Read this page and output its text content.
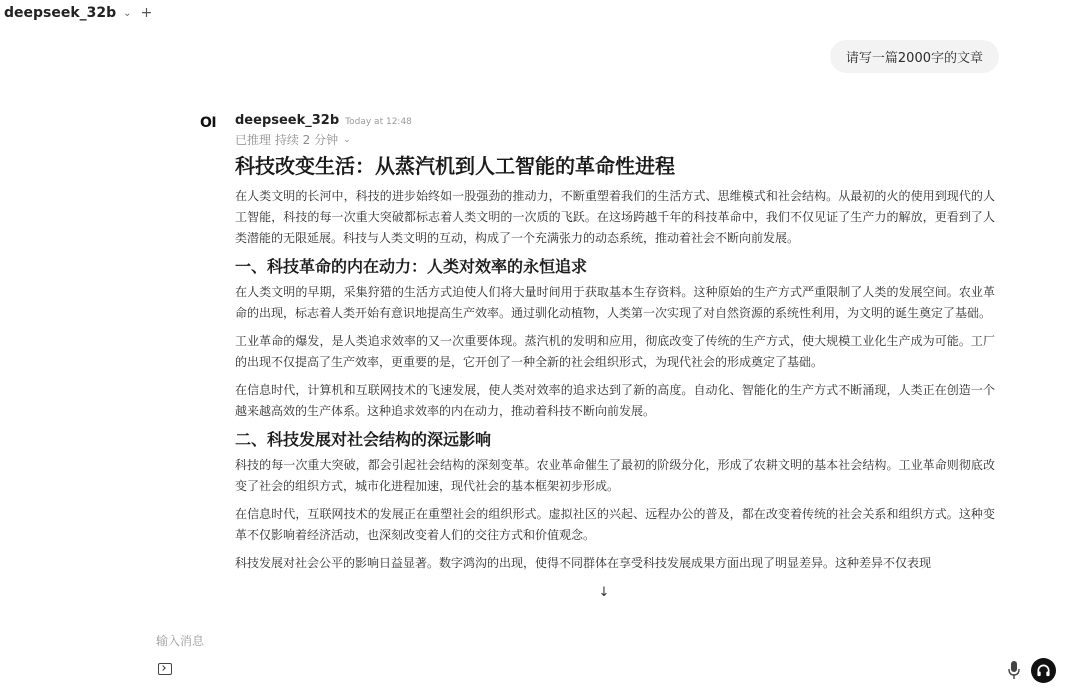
deepseek_32b ⌄ +
请写一篇2000字的文章
OI deepseek_32b Today at 12:48
已推理 持续 2 分钟 ⌄
科技改变生活：从蒸汽机到人工智能的革命性进程

在人类文明的长河中，科技的进步始终如一股强劲的推动力，不断重塑着我们的生活方式、思维模式和社会结构。从最初的火的使用到现代的人工智能，科技的每一次重大突破都标志着人类文明的一次质的飞跃。在这场跨越千年的科技革命中，我们不仅见证了生产力的解放，更看到了人类潜能的无限延展。科技与人类文明的互动，构成了一个充满张力的动态系统，推动着社会不断向前发展。

一、科技革命的内在动力：人类对效率的永恒追求

在人类文明的早期，采集狩猎的生活方式迫使人们将大量时间用于获取基本生存资料。这种原始的生产方式严重限制了人类的发展空间。农业革命的出现，标志着人类开始有意识地提高生产效率。通过驯化动植物，人类第一次实现了对自然资源的系统性利用，为文明的诞生奠定了基础。

工业革命的爆发，是人类追求效率的又一次重要体现。蒸汽机的发明和应用，彻底改变了传统的生产方式，使大规模工业化生产成为可能。工厂的出现不仅提高了生产效率，更重要的是，它开创了一种全新的社会组织形式，为现代社会的形成奠定了基础。

在信息时代，计算机和互联网技术的飞速发展，使人类对效率的追求达到了新的高度。自动化、智能化的生产方式不断涌现，人类正在创造一个越来越高效的生产体系。这种追求效率的内在动力，推动着科技不断向前发展。

二、科技发展对社会结构的深远影响

科技的每一次重大突破，都会引起社会结构的深刻变革。农业革命催生了最初的阶级分化，形成了农耕文明的基本社会结构。工业革命则彻底改变了社会的组织方式，城市化进程加速，现代社会的基本框架初步形成。

在信息时代，互联网技术的发展正在重塑社会的组织形式。虚拟社区的兴起、远程办公的普及，都在改变着传统的社会关系和组织方式。这种变革不仅影响着经济活动，也深刻改变着人们的交往方式和价值观念。

科技发展对社会公平的影响日益显著。数字鸿沟的出现，使得不同群体在享受科技发展成果方面出现了明显差异。这种差异不仅表现

↓
输入消息
